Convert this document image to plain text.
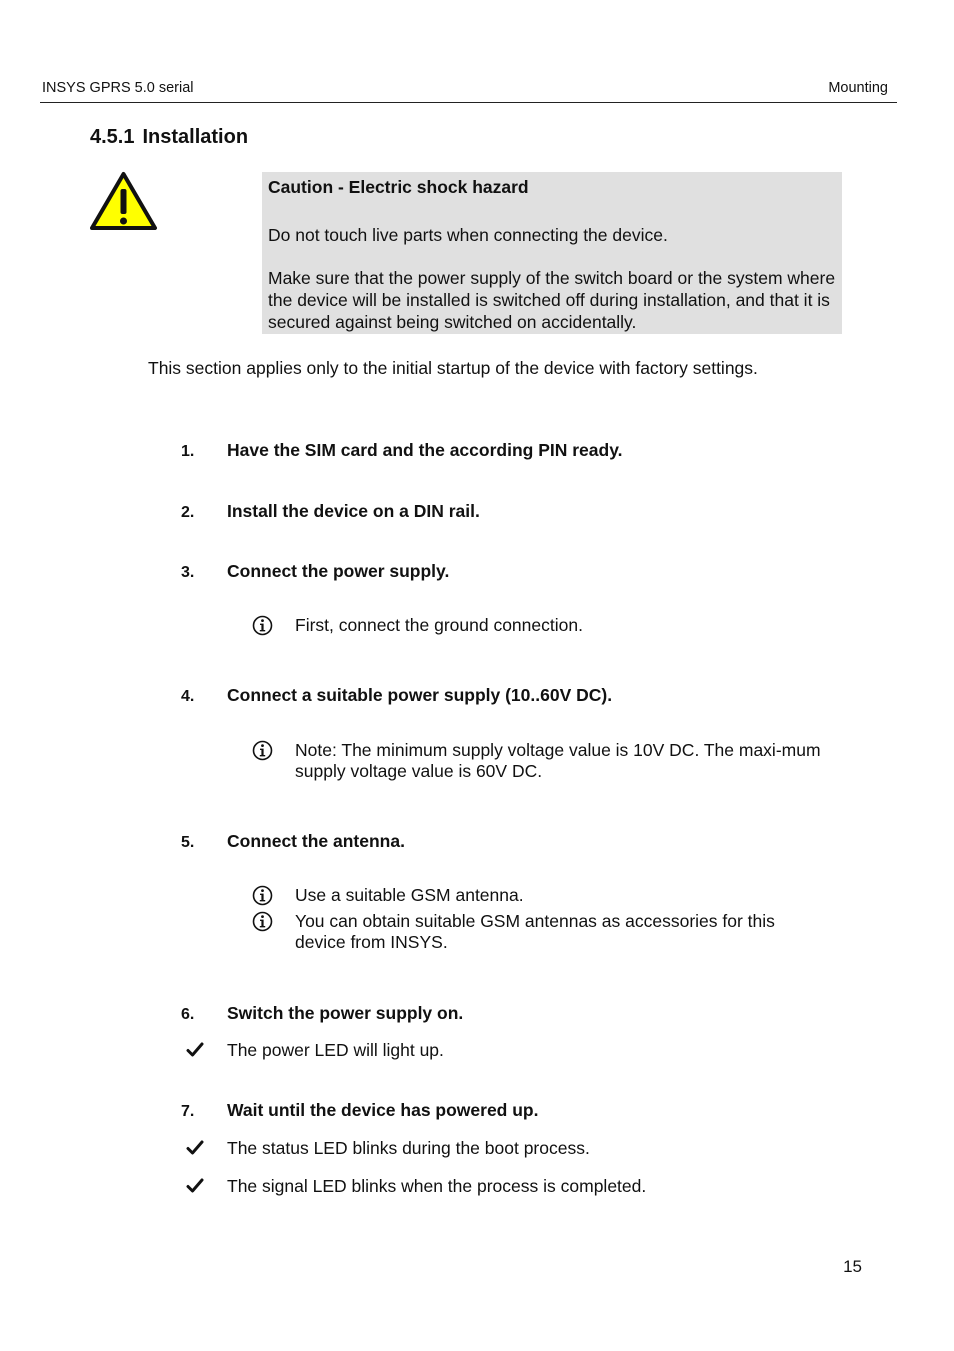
INSYS GPRS 5.0 serial	Mounting
4.5.1 Installation
Caution - Electric shock hazard

Do not touch live parts when connecting the device.

Make sure that the power supply of the switch board or the system where the device will be installed is switched off during installation, and that it is secured against being switched on accidentally.

This section applies only to the initial startup of the device with factory settings.
1. Have the SIM card and the according PIN ready.
2. Install the device on a DIN rail.
3. Connect the power supply.
First, connect the ground connection.
4. Connect a suitable power supply (10..60V DC).
Note: The minimum supply voltage value is 10V DC. The maxi-mum supply voltage value is 60V DC.
5. Connect the antenna.
Use a suitable GSM antenna.
You can obtain suitable GSM antennas as accessories for this device from INSYS.
6. Switch the power supply on.
The power LED will light up.
7. Wait until the device has powered up.
The status LED blinks during the boot process.
The signal LED blinks when the process is completed.
15
